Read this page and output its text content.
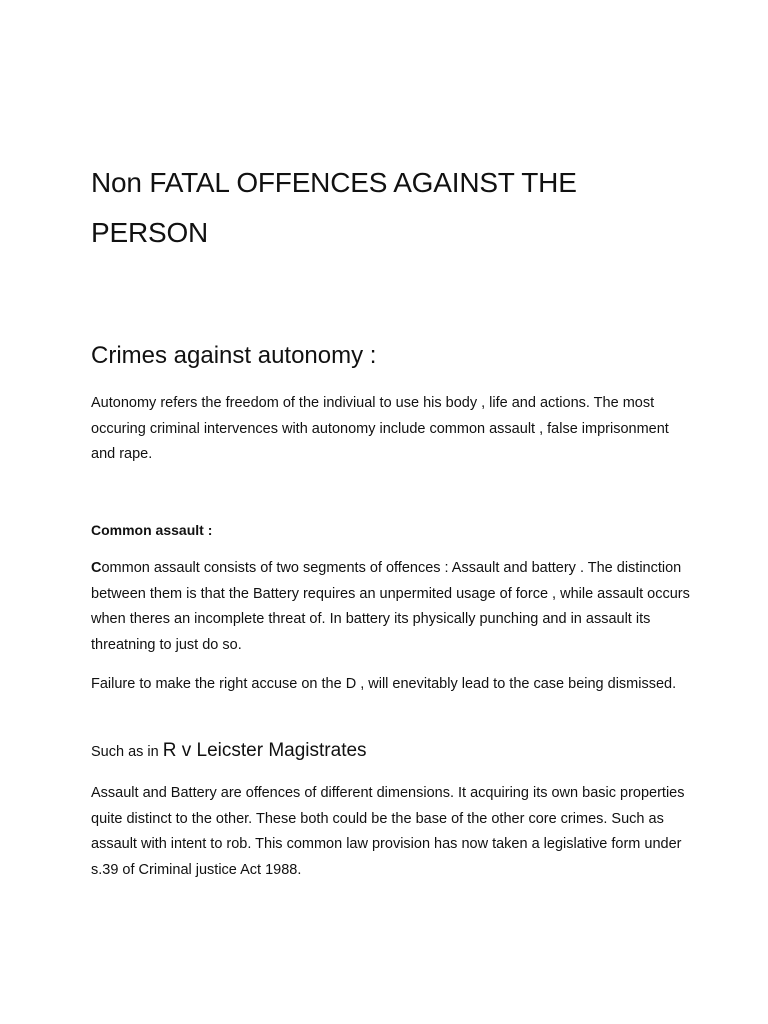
Non FATAL OFFENCES AGAINST THE PERSON
Crimes against autonomy :

Autonomy refers the freedom of the indiviual to use his body , life and actions. The most occuring criminal intervences with autonomy include common assault , false imprisonment and rape.

Common assault :

Common assault consists of two segments of offences : Assault and battery . The distinction between them is that the Battery requires an unpermited usage of force , while assault occurs when theres an incomplete threat of. In battery its physically punching and in assault its threatning to just do so.

Failure to make the right accuse on the D , will enevitably lead to the case being dismissed.

Such as in R v Leicster Magistrates

Assault and Battery are offences of different dimensions. It acquiring its own basic properties quite distinct to the other. These both could be the base of the other core crimes. Such as assault with intent to rob. This common law provision has now taken a legislative form under s.39 of Criminal justice Act 1988.
